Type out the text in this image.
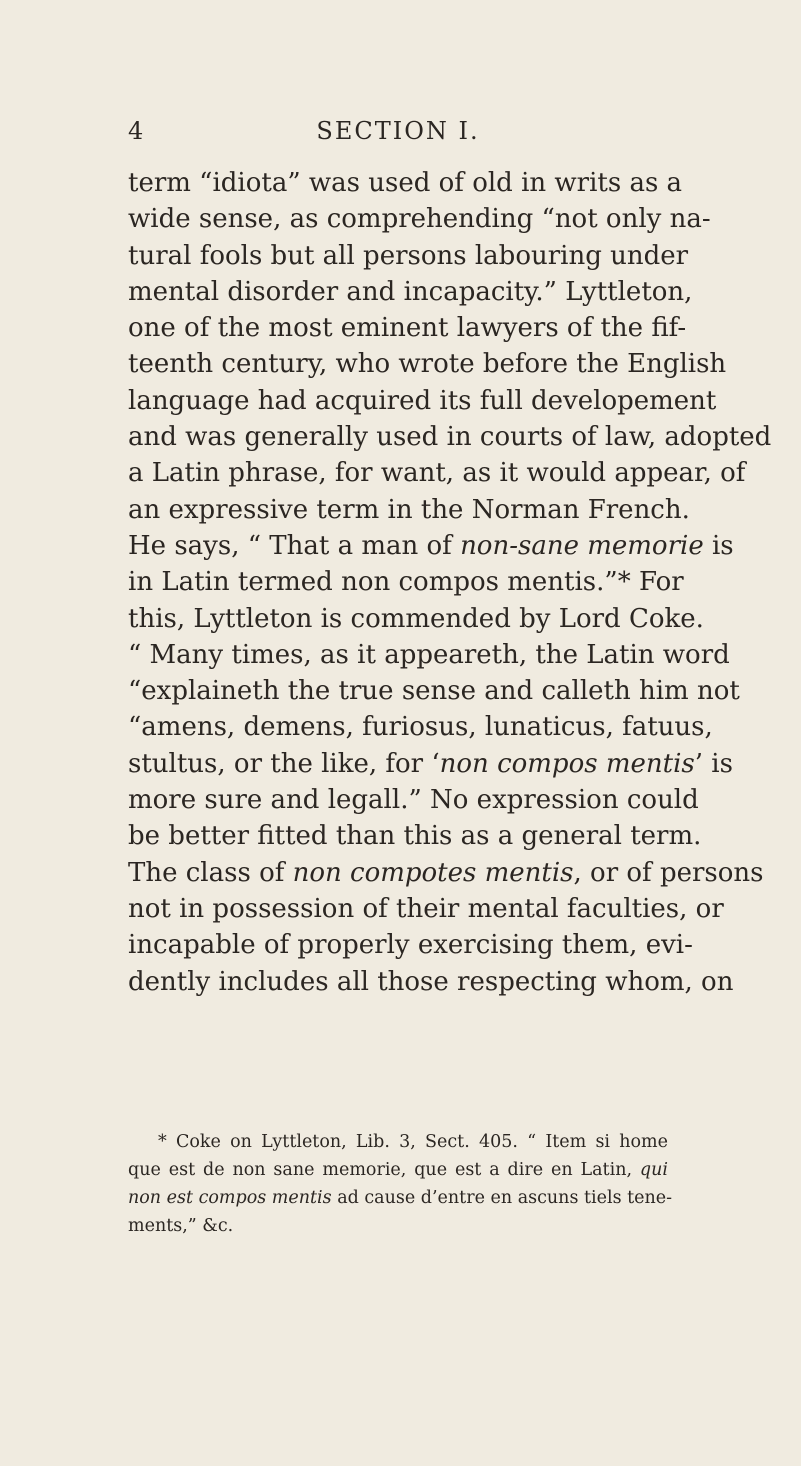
4	SECTION I.
term “idiota” was used of old in writs as a
wide sense, as comprehending “not only na-
tural fools but all persons labouring under
mental disorder and incapacity.” Lyttleton,
one of the most eminent lawyers of the fif-
teenth century, who wrote before the English
language had acquired its full developement
and was generally used in courts of law, adopted
a Latin phrase, for want, as it would appear, of
an expressive term in the Norman French.
He says, “ That a man of non-sane memorie is
in Latin termed non compos mentis.”* For
this, Lyttleton is commended by Lord Coke.
“ Many times, as it appeareth, the Latin word
“explaineth the true sense and calleth him not
“amens, demens, furiosus, lunaticus, fatuus,
stultus, or the like, for ‘non compos mentis’ is
more sure and legall.” No expression could
be better fitted than this as a general term.
The class of non compotes mentis, or of persons
not in possession of their mental faculties, or
incapable of properly exercising them, evi-
dently includes all those respecting whom, on
* Coke on Lyttleton, Lib. 3, Sect. 405. “ Item si home
que est de non sane memorie, que est a dire en Latin, qui
non est compos mentis ad cause d’entre en ascuns tiels tene-
ments,” &c.
